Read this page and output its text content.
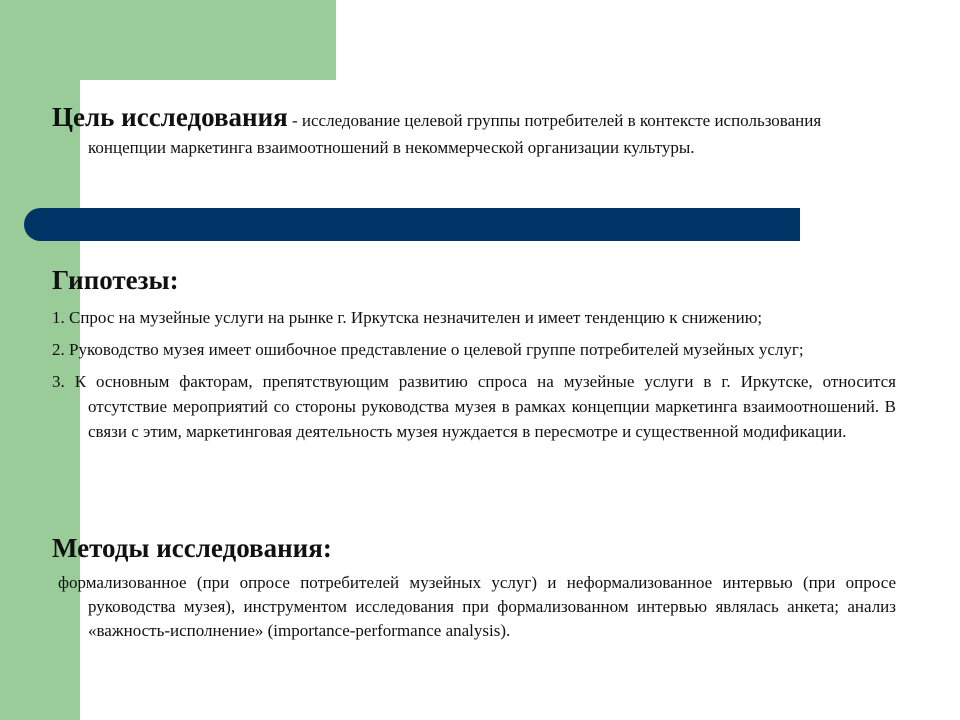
Цель исследования - исследование целевой группы потребителей в контексте использования концепции маркетинга взаимоотношений в некоммерческой организации культуры.

Гипотезы:

1. Спрос на музейные услуги на рынке г. Иркутска незначителен и имеет тенденцию к снижению;

2. Руководство музея имеет ошибочное представление о целевой группе потребителей музейных услуг;

3. К основным факторам, препятствующим развитию спроса на музейные услуги в г. Иркутске, относится отсутствие мероприятий со стороны руководства музея в рамках концепции маркетинга взаимоотношений. В связи с этим, маркетинговая деятельность музея нуждается в пересмотре и существенной модификации.

Методы исследования:

формализованное (при опросе потребителей музейных услуг) и неформализованное интервью (при опросе руководства музея), инструментом исследования при формализованном интервью являлась анкета; анализ «важность-исполнение» (importance-performance analysis).
